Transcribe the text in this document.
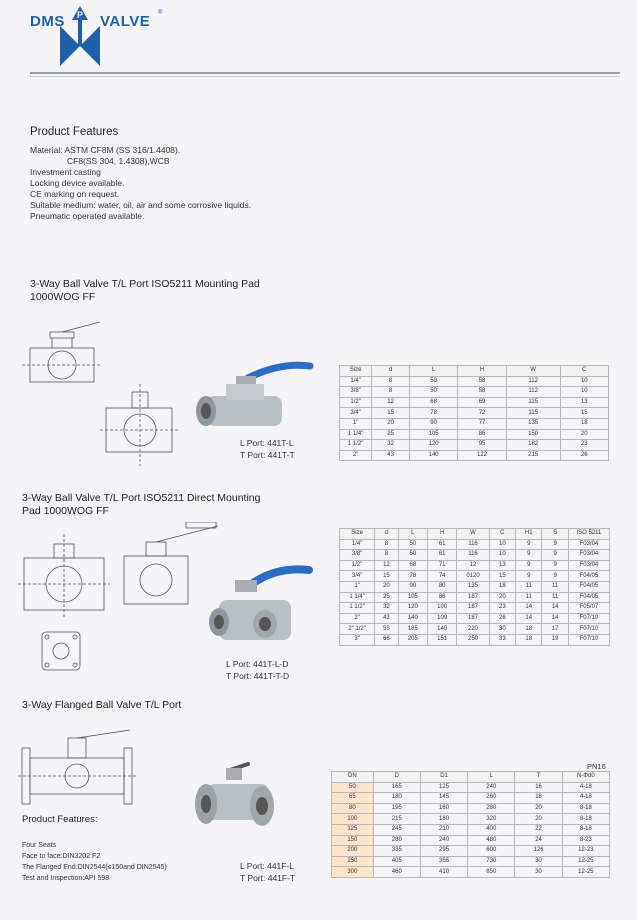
DMS P VALVE ®
Product Features
Material: ASTM CF8M (SS 316/1.4408).
CF8(SS 304, 1.4308),WCB
Investment casting
Locking device available.
CE marking on request.
Suitable medium: water, oil, air and some corrosive liquids.
Pneumatic operated available.
3-Way Ball Valve T/L Port ISO5211 Mounting Pad
1000WOG FF
L Port: 441T-L
T Port: 441T-T
Size	d	L	H	W	C
1/4"	8	50	58	112	10
3/8"	8	50	58	112	10
1/2"	12	68	69	115	13
3/4"	15	78	72	115	15
1"	20	90	77	135	18
1 1/4"	25	105	86	150	20
1 1/2"	32	120	95	182	23
2"	43	140	122	215	26
3-Way Ball Valve T/L Port ISO5211 Direct Mounting
Pad 1000WOG FF
L Port: 441T-L-D
T Port: 441T-T-D
Size	d	L	H	W	C	H1	S	ISO 5211
1/4"	8	50	61	116	10	9	9	F03/04
3/8"	8	50	61	116	10	9	9	F03/04
1/2"	12	68	71	12	13	9	9	F03/04
3/4"	15	78	74	0120	15	9	9	F04/05
1"	20	90	80	135	18	11	11	F04/05
1 1/4"	25	105	86	187	20	11	11	F04/05
1 1/2"	32	120	100	187	23	14	14	F05/07
2"	43	140	109	187	26	14	14	F07/10
2" 1/2"	55	185	140	220	30	18	17	F07/10
3"	66	205	151	250	33	18	19	F07/10
3-Way Flanged Ball Valve T/L Port
Product Features:
Four Seats
Face to face:DIN3202 F2
The Flanged End:DIN2544(≤150and DIN2545)
Test and Inspection:API 598
L Port: 441F-L
T Port: 441F-T
PN16
DN	D	D1	L	T	N-Φd0
50	165	125	240	16	4-18
65	180	145	260	18	4-18
80	195	160	280	20	8-18
100	215	180	320	20	8-18
125	245	210	400	22	8-18
150	280	240	480	24	8-23
200	335	295	600	126	12-23
250	405	355	730	30	12-25
300	460	410	850	30	12-25
